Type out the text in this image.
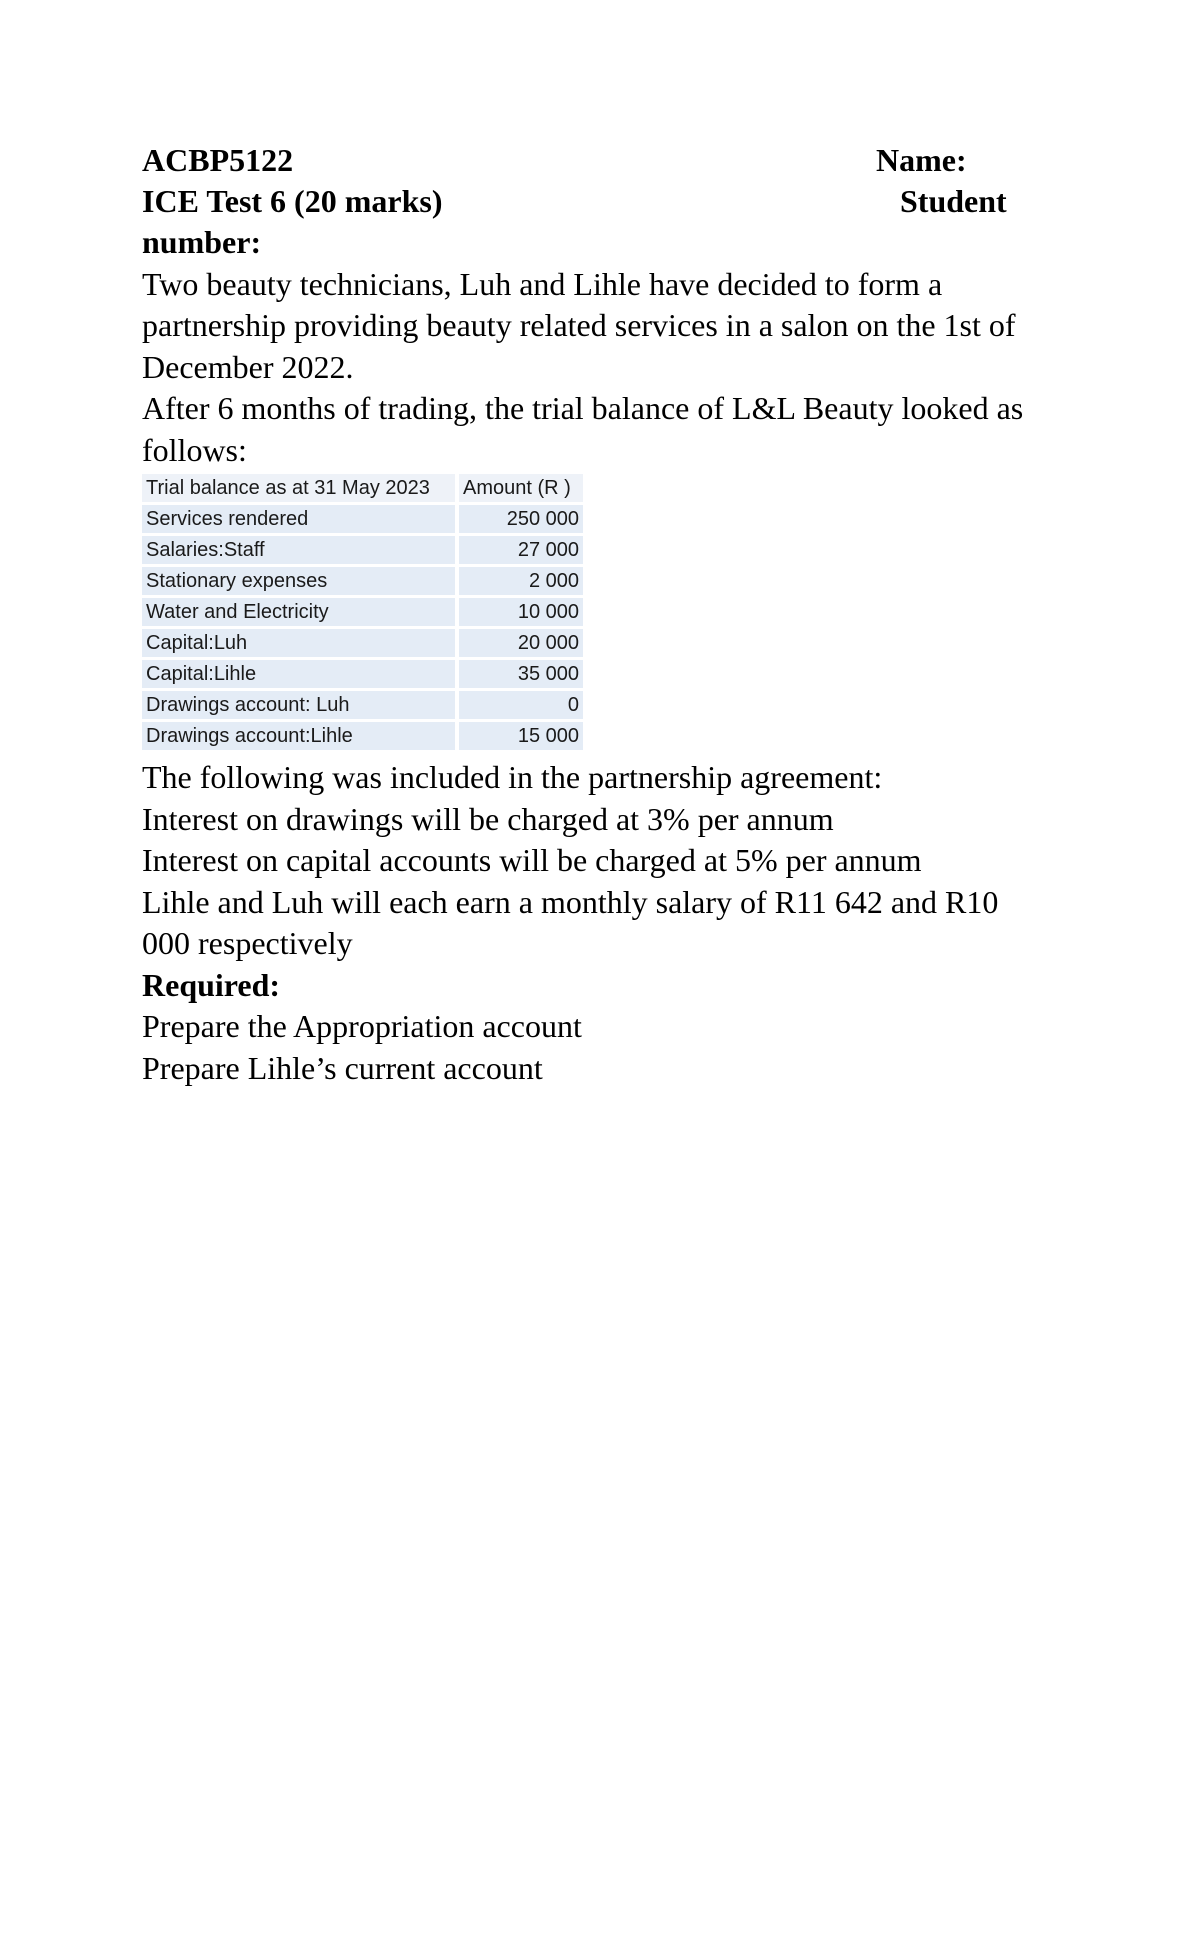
ACBP5122	Name:
ICE Test 6 (20 marks)	Student
number:
Two beauty technicians, Luh and Lihle have decided to form a partnership providing beauty related services in a salon on the 1st of December 2022.
After 6 months of trading, the trial balance of L&L Beauty looked as follows:
Trial balance as at 31 May 2023	Amount (R )
Services rendered	250 000
Salaries:Staff	27 000
Stationary expenses	2 000
Water and Electricity	10 000
Capital:Luh	20 000
Capital:Lihle	35 000
Drawings account: Luh	0
Drawings account:Lihle	15 000
The following was included in the partnership agreement:
Interest on drawings will be charged at 3% per annum
Interest on capital accounts will be charged at 5% per annum
Lihle and Luh will each earn a monthly salary of R11 642 and R10 000 respectively
Required:
Prepare the Appropriation account
Prepare Lihle’s current account
